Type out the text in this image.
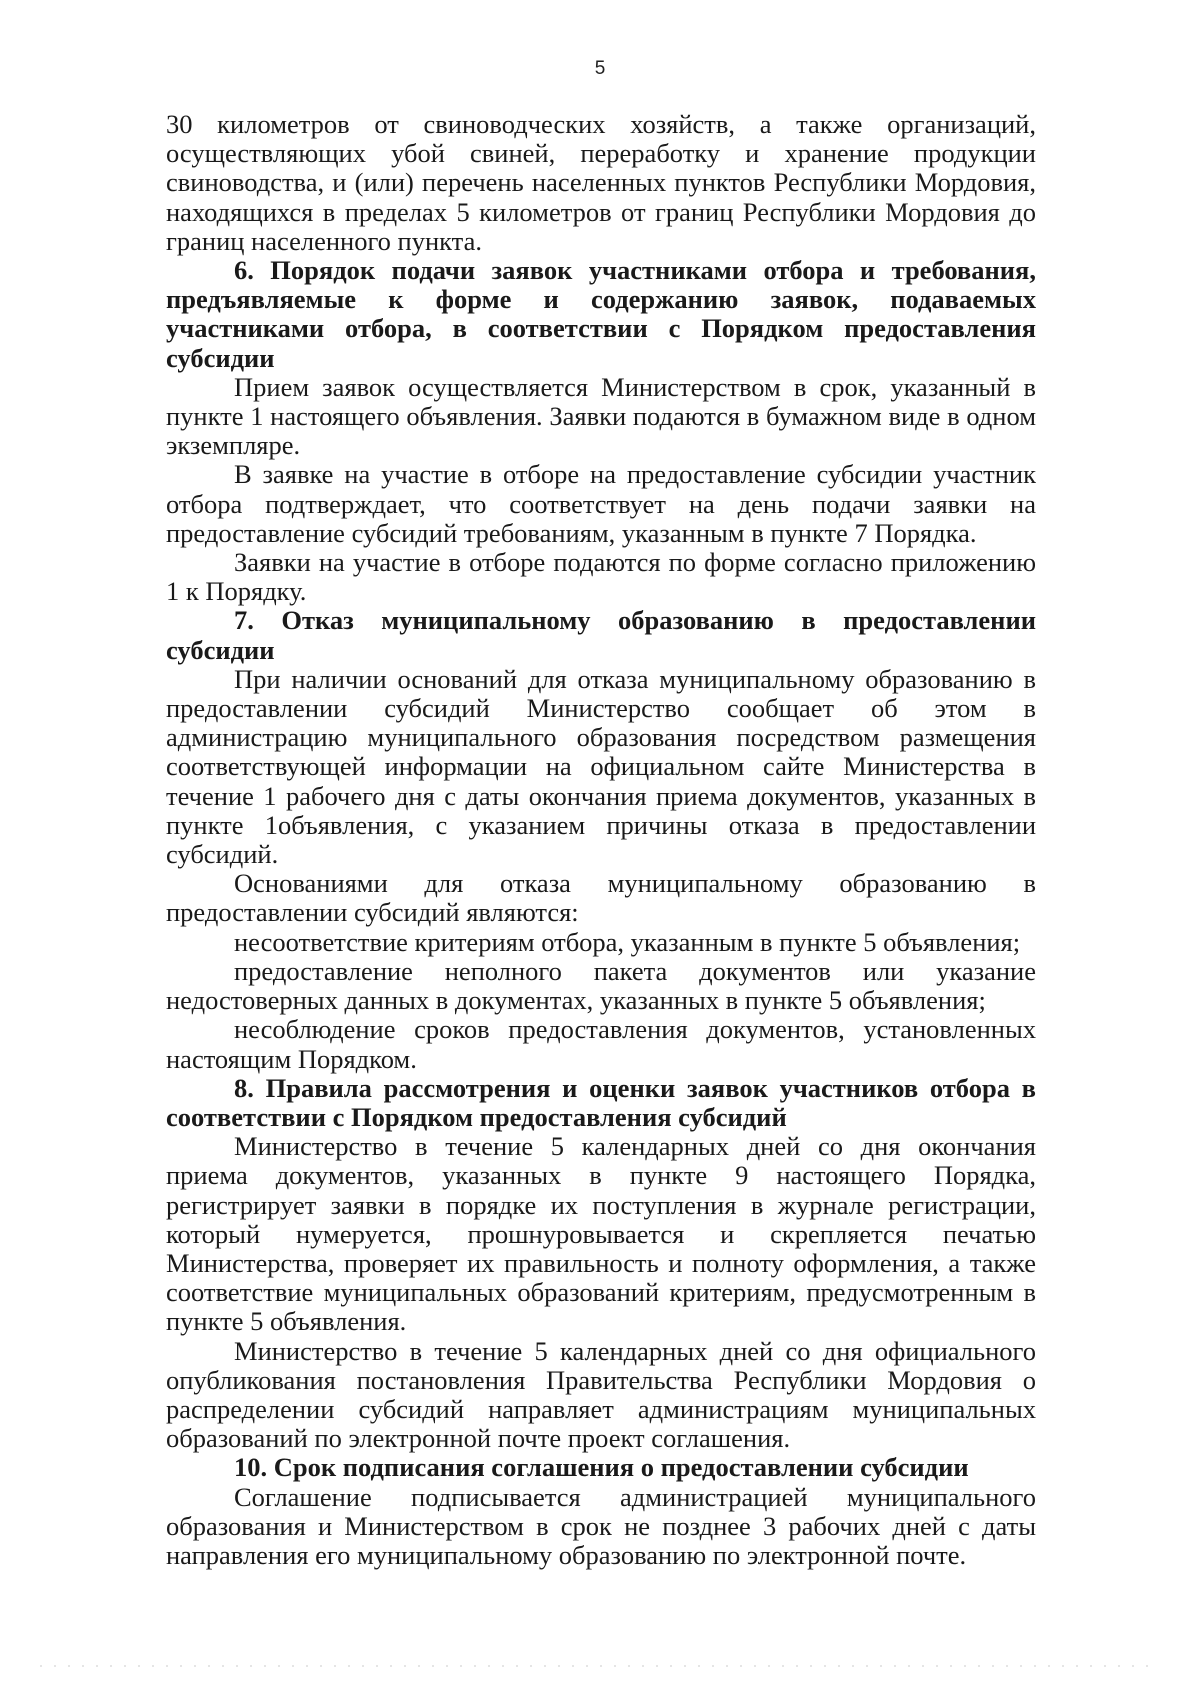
5

30 километров от свиноводческих хозяйств, а также организаций, осуществляющих убой свиней, переработку и хранение продукции свиноводства, и (или) перечень населенных пунктов Республики Мордовия, находящихся в пределах 5 километров от границ Республики Мордовия до границ населенного пункта.

6. Порядок подачи заявок участниками отбора и требования, предъявляемые к форме и содержанию заявок, подаваемых участниками отбора, в соответствии с Порядком предоставления субсидии

Прием заявок осуществляется Министерством в срок, указанный в пункте 1 настоящего объявления. Заявки подаются в бумажном виде в одном экземпляре.

В заявке на участие в отборе на предоставление субсидии участник отбора подтверждает, что соответствует на день подачи заявки на предоставление субсидий требованиям, указанным в пункте 7 Порядка.

Заявки на участие в отборе подаются по форме согласно приложению 1 к Порядку.

7. Отказ муниципальному образованию в предоставлении субсидии

При наличии оснований для отказа муниципальному образованию в предоставлении субсидий Министерство сообщает об этом в администрацию муниципального образования посредством размещения соответствующей информации на официальном сайте Министерства в течение 1 рабочего дня с даты окончания приема документов, указанных в пункте 1объявления, с указанием причины отказа в предоставлении субсидий.

Основаниями для отказа муниципальному образованию в предоставлении субсидий являются:

несоответствие критериям отбора, указанным в пункте 5 объявления;

предоставление неполного пакета документов или указание недостоверных данных в документах, указанных в пункте 5 объявления;

несоблюдение сроков предоставления документов, установленных настоящим Порядком.

8. Правила рассмотрения и оценки заявок участников отбора в соответствии с Порядком предоставления субсидий

Министерство в течение 5 календарных дней со дня окончания приема документов, указанных в пункте 9 настоящего Порядка, регистрирует заявки в порядке их поступления в журнале регистрации, который нумеруется, прошнуровывается и скрепляется печатью Министерства, проверяет их правильность и полноту оформления, а также соответствие муниципальных образований критериям, предусмотренным в пункте 5 объявления.

Министерство в течение 5 календарных дней со дня официального опубликования постановления Правительства Республики Мордовия о распределении субсидий направляет администрациям муниципальных образований по электронной почте проект соглашения.

10. Срок подписания соглашения о предоставлении субсидии

Соглашение подписывается администрацией муниципального образования и Министерством в срок не позднее 3 рабочих дней с даты направления его муниципальному образованию по электронной почте.
